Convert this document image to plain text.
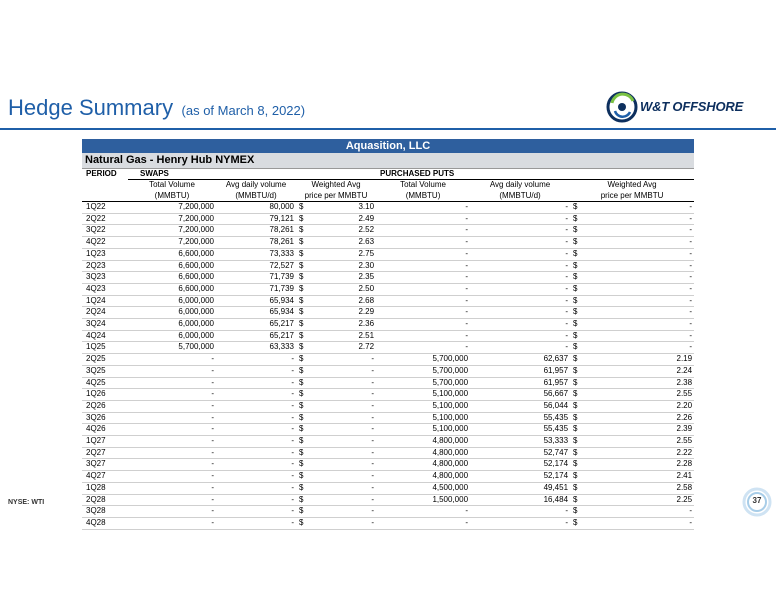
Hedge Summary (as of March 8, 2022)	W&T OFFSHORE
Aquasition, LLC
Natural Gas - Henry Hub NYMEX
PERIOD	SWAPS				PURCHASED PUTS			
	Total Volume	Avg daily volume	Weighted Avg		Total Volume	Avg daily volume	Weighted Avg	
	(MMBTU)	(MMBTU/d)	price per MMBTU		(MMBTU)	(MMBTU/d)	price per MMBTU	
1Q22	7,200,000	80,000	$	3.10	-	-	$	-
2Q22	7,200,000	79,121	$	2.49	-	-	$	-
3Q22	7,200,000	78,261	$	2.52	-	-	$	-
4Q22	7,200,000	78,261	$	2.63	-	-	$	-
1Q23	6,600,000	73,333	$	2.75	-	-	$	-
2Q23	6,600,000	72,527	$	2.30	-	-	$	-
3Q23	6,600,000	71,739	$	2.35	-	-	$	-
4Q23	6,600,000	71,739	$	2.50	-	-	$	-
1Q24	6,000,000	65,934	$	2.68	-	-	$	-
2Q24	6,000,000	65,934	$	2.29	-	-	$	-
3Q24	6,000,000	65,217	$	2.36	-	-	$	-
4Q24	6,000,000	65,217	$	2.51	-	-	$	-
1Q25	5,700,000	63,333	$	2.72	-	-	$	-
2Q25	-	-	$	-	5,700,000	62,637	$	2.19
3Q25	-	-	$	-	5,700,000	61,957	$	2.24
4Q25	-	-	$	-	5,700,000	61,957	$	2.38
1Q26	-	-	$	-	5,100,000	56,667	$	2.55
2Q26	-	-	$	-	5,100,000	56,044	$	2.20
3Q26	-	-	$	-	5,100,000	55,435	$	2.26
4Q26	-	-	$	-	5,100,000	55,435	$	2.39
1Q27	-	-	$	-	4,800,000	53,333	$	2.55
2Q27	-	-	$	-	4,800,000	52,747	$	2.22
3Q27	-	-	$	-	4,800,000	52,174	$	2.28
4Q27	-	-	$	-	4,800,000	52,174	$	2.41
1Q28	-	-	$	-	4,500,000	49,451	$	2.58
2Q28	-	-	$	-	1,500,000	16,484	$	2.25
3Q28	-	-	$	-	-	-	$	-
4Q28	-	-	$	-	-	-	$	-
NYSE: WTI	37
